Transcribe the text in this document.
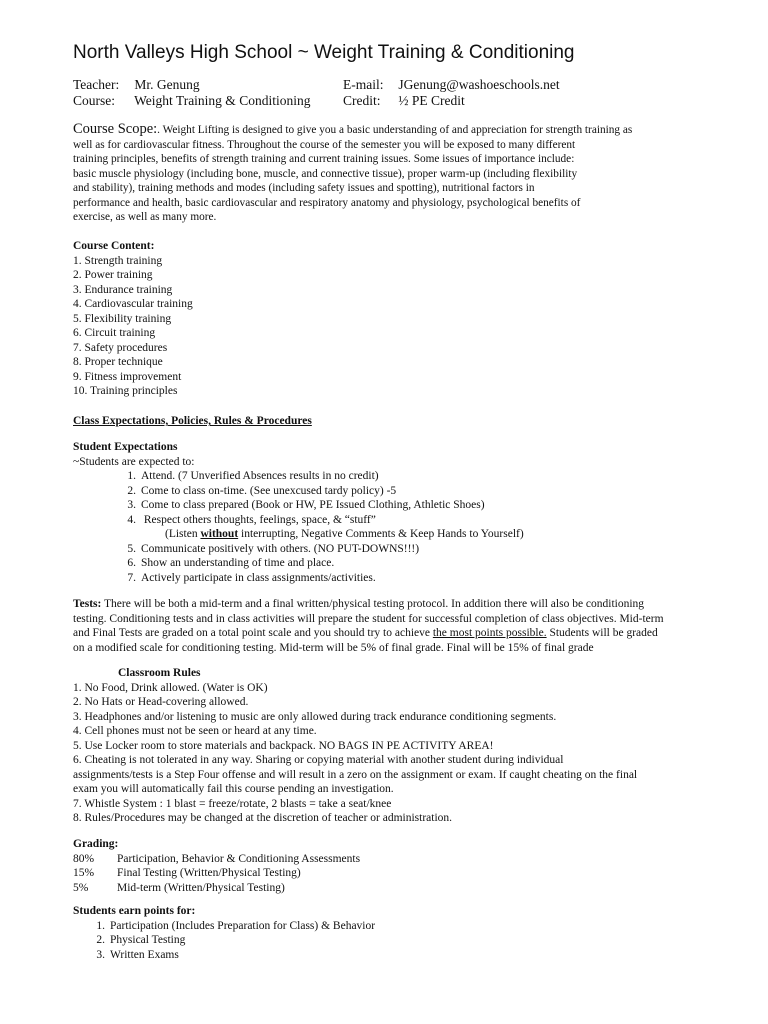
North Valleys High School ~ Weight Training & Conditioning
Teacher: Mr. Genung
Course: Weight Training & Conditioning
E-mail: JGenung@washoeschools.net
Credit: ½ PE Credit
Course Scope:. Weight Lifting is designed to give you a basic understanding of and appreciation for strength training as
well as for cardiovascular fitness. Throughout the course of the semester you will be exposed to many different
training principles, benefits of strength training and current training issues. Some issues of importance include:
basic muscle physiology (including bone, muscle, and connective tissue), proper warm-up (including flexibility
and stability), training methods and modes (including safety issues and spotting), nutritional factors in
performance and health, basic cardiovascular and respiratory anatomy and physiology, psychological benefits of
exercise, as well as many more.
Course Content:
1. Strength training
2. Power training
3. Endurance training
4. Cardiovascular training
5. Flexibility training
6. Circuit training
7. Safety procedures
8. Proper technique
9. Fitness improvement
10. Training principles
Class Expectations, Policies, Rules & Procedures
Student Expectations
~Students are expected to:
1. Attend. (7 Unverified Absences results in no credit)
2. Come to class on-time. (See unexcused tardy policy) -5
3. Come to class prepared (Book or HW, PE Issued Clothing, Athletic Shoes)
4. Respect others thoughts, feelings, space, & “stuff”
(Listen without interrupting, Negative Comments & Keep Hands to Yourself)
5. Communicate positively with others. (NO PUT-DOWNS!!!)
6. Show an understanding of time and place.
7. Actively participate in class assignments/activities.
Tests: There will be both a mid-term and a final written/physical testing protocol. In addition there will also be conditioning
testing. Conditioning tests and in class activities will prepare the student for successful completion of class objectives. Mid-term
and Final Tests are graded on a total point scale and you should try to achieve the most points possible. Students will be graded
on a modified scale for conditioning testing. Mid-term will be 5% of final grade. Final will be 15% of final grade
Classroom Rules
1. No Food, Drink allowed. (Water is OK)
2. No Hats or Head-covering allowed.
3. Headphones and/or listening to music are only allowed during track endurance conditioning segments.
4. Cell phones must not be seen or heard at any time.
5. Use Locker room to store materials and backpack. NO BAGS IN PE ACTIVITY AREA!
6. Cheating is not tolerated in any way. Sharing or copying material with another student during individual
assignments/tests is a Step Four offense and will result in a zero on the assignment or exam. If caught cheating on the final
exam you will automatically fail this course pending an investigation.
7. Whistle System : 1 blast = freeze/rotate, 2 blasts = take a seat/knee
8. Rules/Procedures may be changed at the discretion of teacher or administration.
Grading:
80% Participation, Behavior & Conditioning Assessments
15% Final Testing (Written/Physical Testing)
5% Mid-term (Written/Physical Testing)
Students earn points for:
1. Participation (Includes Preparation for Class) & Behavior
2. Physical Testing
3. Written Exams
